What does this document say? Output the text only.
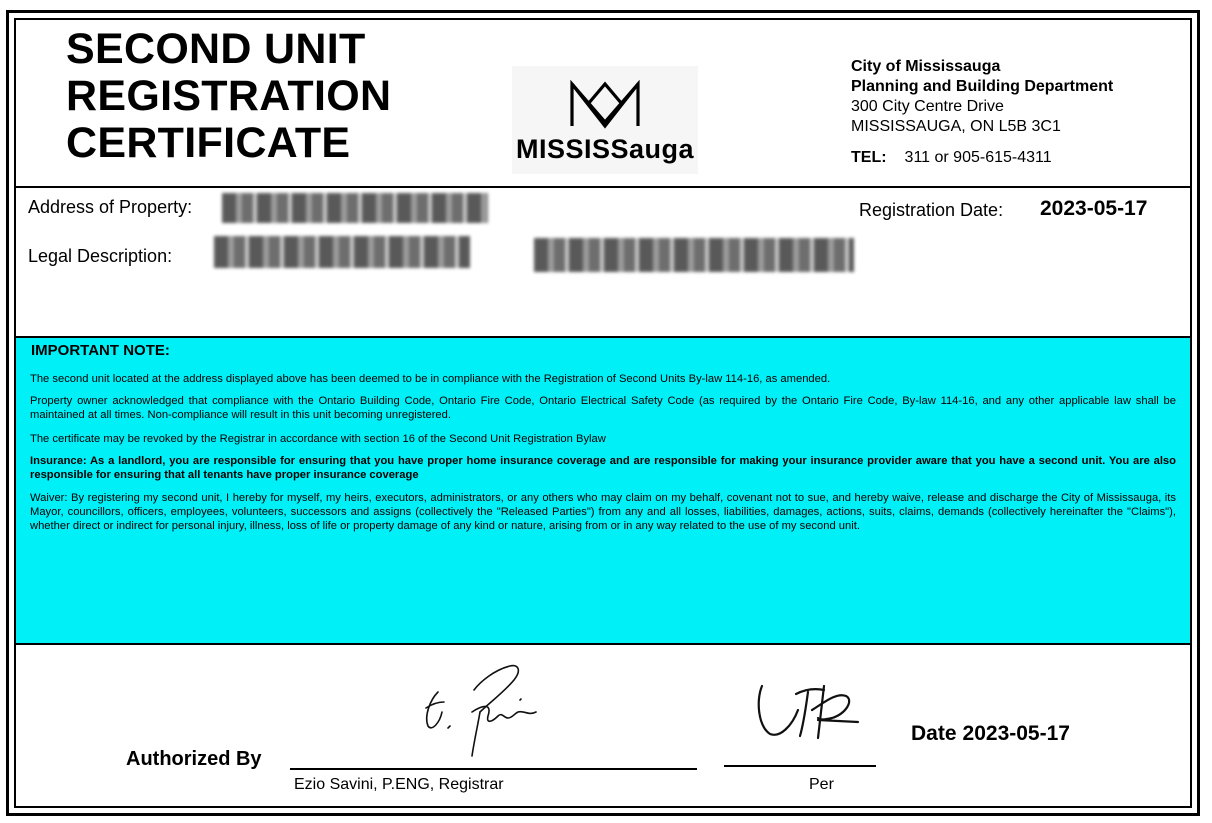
SECOND UNIT
REGISTRATION
CERTIFICATE	MISSISSauga
City of Mississauga
Planning and Building Department
300 City Centre Drive
MISSISSAUGA, ON L5B 3C1
TEL: 311 or 905-615-4311
Address of Property:
Legal Description:
Registration Date: 2023-05-17
IMPORTANT NOTE:
The second unit located at the address displayed above has been deemed to be in compliance with the Registration of Second Units By-law 114-16, as amended.
Property owner acknowledged that compliance with the Ontario Building Code, Ontario Fire Code, Ontario Electrical Safety Code (as required by the Ontario Fire Code, By-law 114-16, and any other applicable law shall be maintained at all times. Non-compliance will result in this unit becoming unregistered.
The certificate may be revoked by the Registrar in accordance with section 16 of the Second Unit Registration Bylaw
Insurance: As a landlord, you are responsible for ensuring that you have proper home insurance coverage and are responsible for making your insurance provider aware that you have a second unit. You are also responsible for ensuring that all tenants have proper insurance coverage
Waiver: By registering my second unit, I hereby for myself, my heirs, executors, administrators, or any others who may claim on my behalf, covenant not to sue, and hereby waive, release and discharge the City of Mississauga, its Mayor, councillors, officers, employees, volunteers, successors and assigns (collectively the "Released Parties") from any and all losses, liabilities, damages, actions, suits, claims, demands (collectively hereinafter the "Claims"), whether direct or indirect for personal injury, illness, loss of life or property damage of any kind or nature, arising from or in any way related to the use of my second unit.
Authorized By
Ezio Savini, P.ENG, Registrar	Per
Date 2023-05-17
